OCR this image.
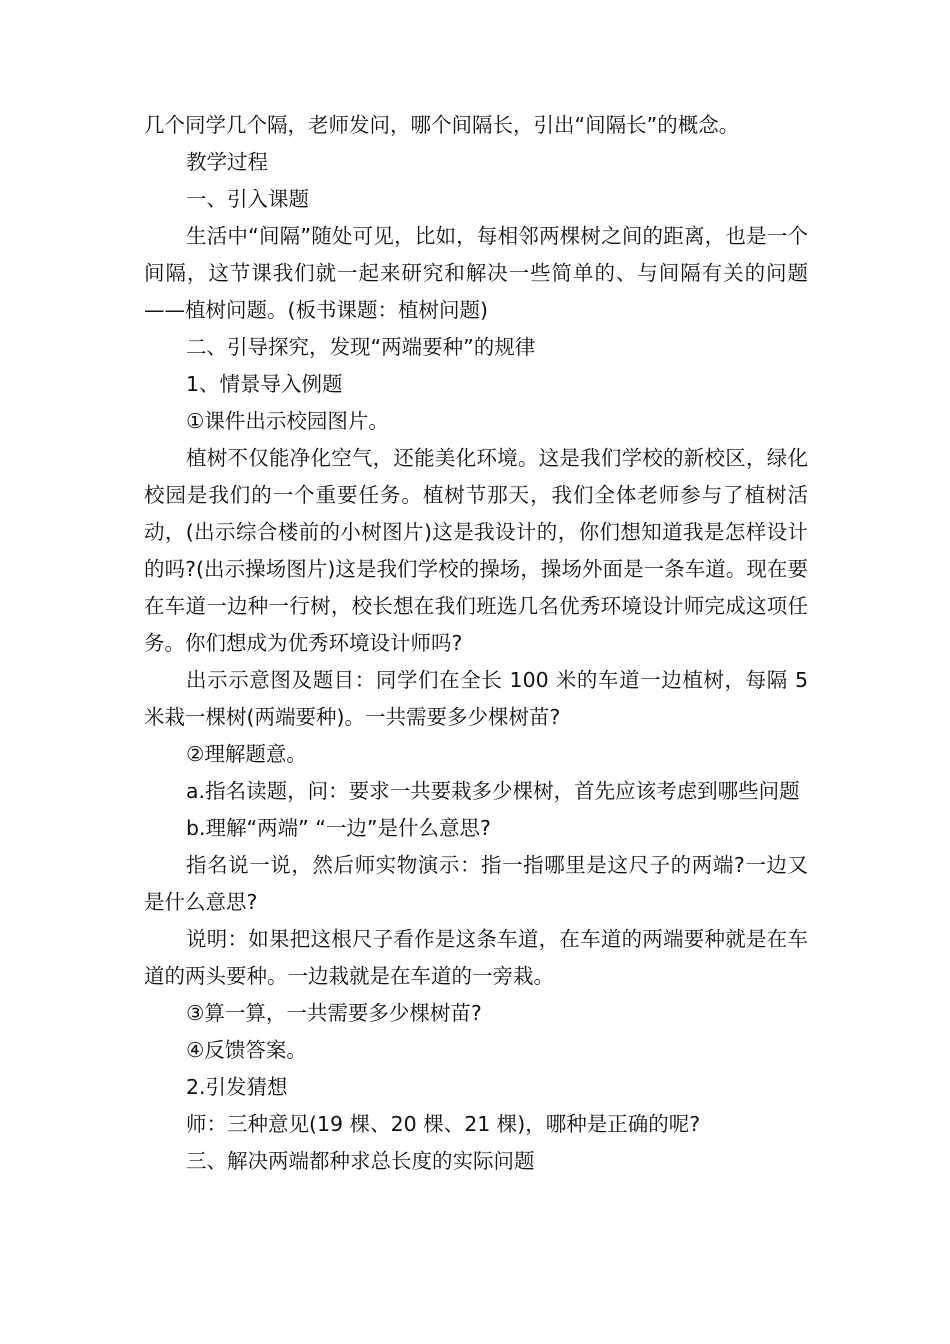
几个同学几个隔，老师发问，哪个间隔长，引出“间隔长”的概念。

教学过程

一、引入课题

生活中“间隔”随处可见，比如，每相邻两棵树之间的距离，也是一个间隔，这节课我们就一起来研究和解决一些简单的、与间隔有关的问题——植树问题。(板书课题：植树问题)

二、引导探究，发现“两端要种”的规律

1、情景导入例题

①课件出示校园图片。

植树不仅能净化空气，还能美化环境。这是我们学校的新校区，绿化校园是我们的一个重要任务。植树节那天，我们全体老师参与了植树活动，(出示综合楼前的小树图片)这是我设计的，你们想知道我是怎样设计的吗?(出示操场图片)这是我们学校的操场，操场外面是一条车道。现在要在车道一边种一行树，校长想在我们班选几名优秀环境设计师完成这项任务。你们想成为优秀环境设计师吗?

出示示意图及题目：同学们在全长 100 米的车道一边植树，每隔 5 米栽一棵树(两端要种)。一共需要多少棵树苗?

②理解题意。

a.指名读题，问：要求一共要栽多少棵树，首先应该考虑到哪些问题

b.理解“两端” “一边”是什么意思?

指名说一说，然后师实物演示：指一指哪里是这尺子的两端?一边又是什么意思?

说明：如果把这根尺子看作是这条车道，在车道的两端要种就是在车道的两头要种。一边栽就是在车道的一旁栽。

③算一算，一共需要多少棵树苗?

④反馈答案。

2.引发猜想

师：三种意见(19 棵、20 棵、21 棵)，哪种是正确的呢?

三、解决两端都种求总长度的实际问题
